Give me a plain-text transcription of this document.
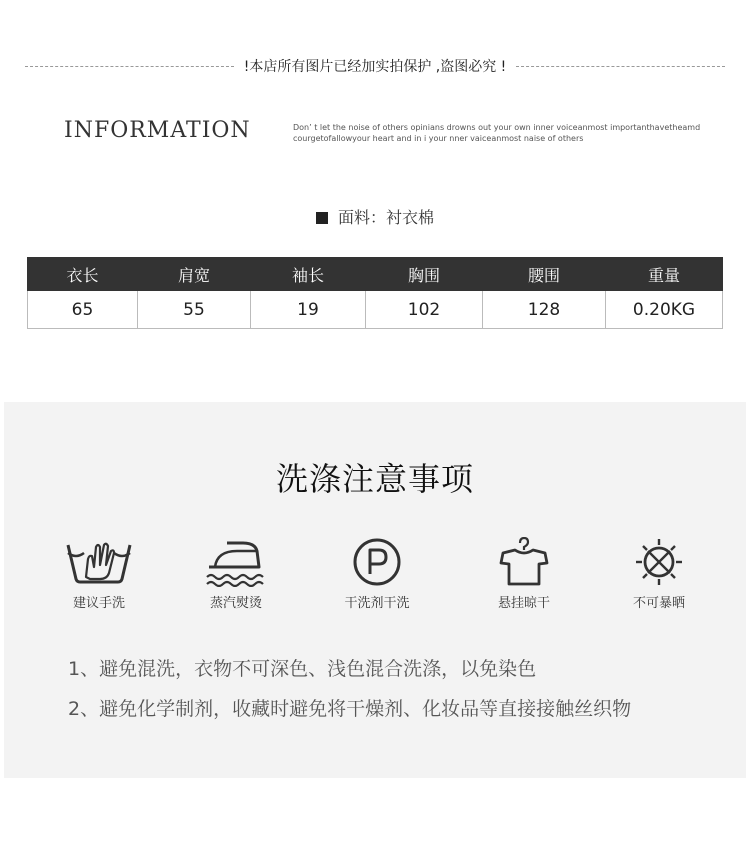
!本店所有图片已经加实拍保护 ,盗图必究 !
INFORMATION	Don’ t let the noise of others opinians drowns out your own inner voiceanmost importanthavetheamd
courgetofallowyour heart and in i your nner vaiceanmost naise of others
面料：衬衣棉
衣长	肩宽	袖长	胸围	腰围	重量
65	55	19	102	128	0.20KG
洗涤注意事项
建议手洗	蒸汽熨烫	干洗剂干洗	悬挂晾干	不可暴晒
1、避免混洗，衣物不可深色、浅色混合洗涤，以免染色
2、避免化学制剂，收藏时避免将干燥剂、化妆品等直接接触丝织物
